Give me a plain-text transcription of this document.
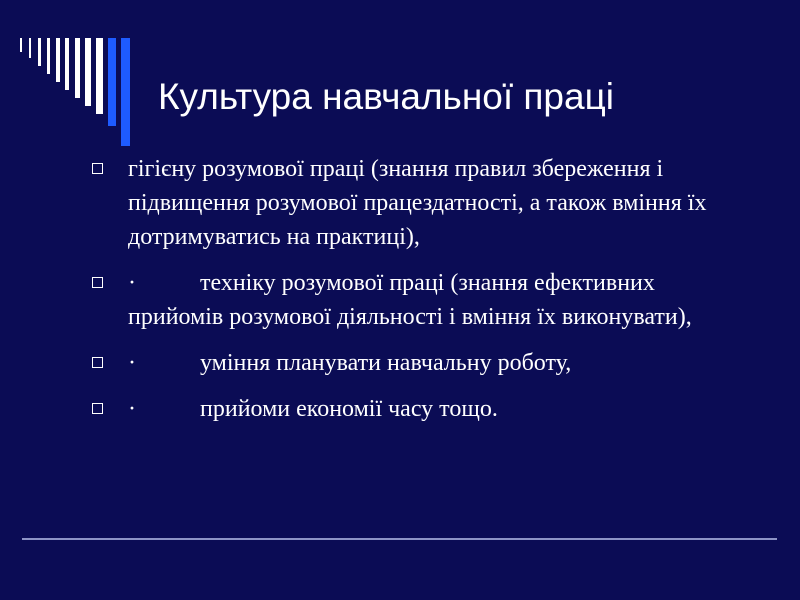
Культура навчальної праці
гігієну розумової праці (знання правил збереження і підвищення розумової працездатності, а також вміння їх дотримуватись на практиці),
·	техніку розумової праці (знання ефективних прийомів розумової діяльності і вміння їх виконувати),
·	уміння планувати навчальну роботу,
·	прийоми економії часу тощо.
